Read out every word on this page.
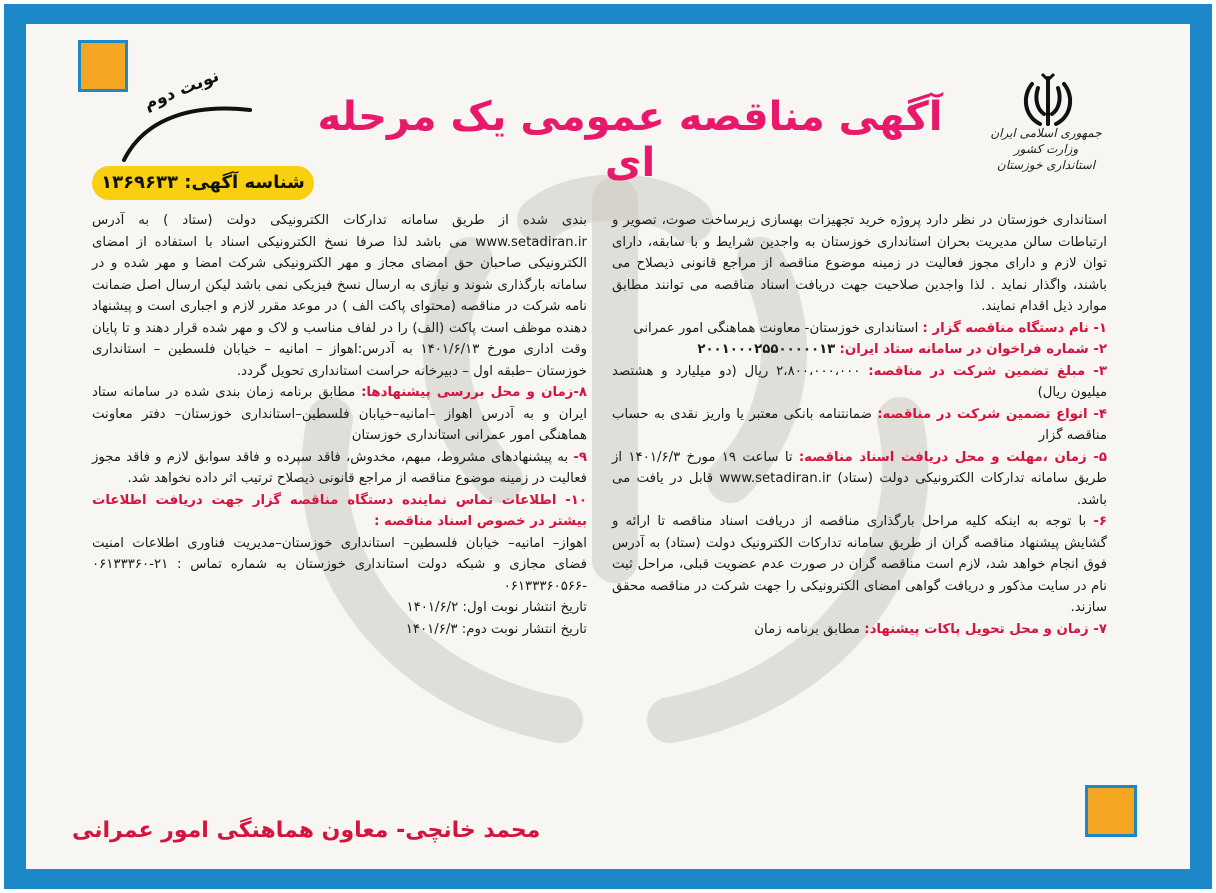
جمهوری اسلامی ایران
وزارت کشور
استانداری خوزستان
آگهی مناقصه عمومی یک مرحله ای
نوبت دوم
شناسه آگهی: ۱۳۶۹۶۳۳

استانداری خوزستان در نظر دارد پروژه خرید تجهیزات بهسازی زیرساخت صوت، تصویر و ارتباطات سالن مدیریت بحران استانداری خوزستان به واجدین شرایط و با سابقه، دارای توان لازم و دارای مجوز فعالیت در زمینه موضوع مناقصه از مراجع قانونی ذیصلاح می باشند، واگذار نماید . لذا واجدین صلاحیت جهت دریافت اسناد مناقصه می توانند مطابق موارد ذیل اقدام نمایند.

۱- نام دستگاه مناقصه گزار : استانداری خوزستان- معاونت هماهنگی امور عمرانی

۲- شماره فراخوان در سامانه ستاد ایران: ۲۰۰۱۰۰۰۲۵۵۰۰۰۰۰۱۳

۳- مبلغ تضمین شرکت در مناقصه: ۲،۸۰۰،۰۰۰،۰۰۰ ریال (دو میلیارد و هشتصد میلیون ریال)

۴- انواع تضمین شرکت در مناقصه: ضمانتنامه بانکی معتبر یا واریز نقدی به حساب مناقصه گزار

۵- زمان ،مهلت و محل دریافت اسناد مناقصه: تا ساعت ۱۹ مورخ ۱۴۰۱/۶/۳ از طریق سامانه تدارکات الکترونیکی دولت (ستاد) www.setadiran.ir قابل در یافت می باشد.

۶- با توجه به اینکه کلیه مراحل بارگذاری مناقصه از دریافت اسناد مناقصه تا ارائه و گشایش پیشنهاد مناقصه گران از طریق سامانه تدارکات الکترونیک دولت (ستاد) به آدرس فوق انجام خواهد شد، لازم است مناقصه گران در صورت عدم عضویت قبلی، مراحل ثبت نام در سایت مذکور و دریافت گواهی امضای الکترونیکی را جهت شرکت در مناقصه محقق سازند.

۷- زمان و محل تحویل پاکات پیشنهاد: مطابق برنامه زمان

بندی شده از طریق سامانه تدارکات الکترونیکی دولت (ستاد ) به آدرس www.setadiran.ir می باشد لذا صرفا نسخ الکترونیکی اسناد با استفاده از امضای الکترونیکی صاحبان حق امضای مجاز و مهر الکترونیکی شرکت امضا و مهر شده و در سامانه بارگذاری شوند و نیازی به ارسال نسخ فیزیکی نمی باشد لیکن ارسال اصل ضمانت نامه شرکت در مناقصه (محتوای پاکت الف ) در موعد مقرر لازم و اجباری است و پیشنهاد دهنده موظف است پاکت (الف) را در لفاف مناسب و لاک و مهر شده قرار دهند و تا پایان وقت اداری مورخ ۱۴۰۱/۶/۱۳ به آدرس:اهواز – امانیه – خیابان فلسطین – استانداری خوزستان –طبقه اول – دبیرخانه حراست استانداری تحویل گردد.

۸-زمان و محل بررسی پیشنهادها: مطابق برنامه زمان بندی شده در سامانه ستاد ایران و به آدرس اهواز –امانیه–خیابان فلسطین–استانداری خوزستان– دفتر معاونت هماهنگی امور عمرانی استانداری خوزستان

۹- به پیشنهادهای مشروط، مبهم، مخدوش، فاقد سپرده و فاقد سوابق لازم و فاقد مجوز فعالیت در زمینه موضوع مناقصه از مراجع قانونی ذیصلاح ترتیب اثر داده نخواهد شد.

۱۰- اطلاعات تماس نماینده دستگاه مناقصه گزار جهت دریافت اطلاعات بیشتر در خصوص اسناد مناقصه :

اهواز– امانیه– خیابان فلسطین– استانداری خوزستان–مدیریت فناوری اطلاعات امنیت فضای مجازی و شبکه دولت استانداری خوزستان به شماره تماس : ۲۱-۰۶۱۳۳۳۶۰ -۰۶۱۳۳۳۶۰۵۶۶

تاریخ انتشار نوبت اول: ۱۴۰۱/۶/۲

تاریخ انتشار نوبت دوم: ۱۴۰۱/۶/۳

محمد خانچی- معاون هماهنگی امور عمرانی
